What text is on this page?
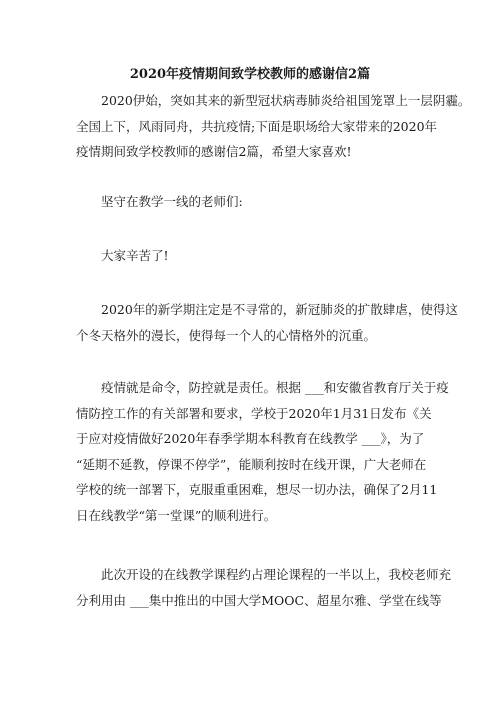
2020年疫情期间致学校教师的感谢信2篇
2020伊始，突如其来的新型冠状病毒肺炎给祖国笼罩上一层阴霾。
全国上下，风雨同舟，共抗疫情;下面是职场给大家带来的2020年
疫情期间致学校教师的感谢信2篇，希望大家喜欢!
坚守在教学一线的老师们:
大家辛苦了!
2020年的新学期注定是不寻常的，新冠肺炎的扩散肆虐，使得这
个冬天格外的漫长，使得每一个人的心情格外的沉重。
疫情就是命令，防控就是责任。根据 ___和安徽省教育厅关于疫
情防控工作的有关部署和要求，学校于2020年1月31日发布《关
于应对疫情做好2020年春季学期本科教育在线教学 ___》，为了
“延期不延教，停课不停学”，能顺利按时在线开课，广大老师在
学校的统一部署下，克服重重困难，想尽一切办法，确保了2月11
日在线教学“第一堂课”的顺利进行。
此次开设的在线教学课程约占理论课程的一半以上，我校老师充
分利用由 ___集中推出的中国大学MOOC、超星尔雅、学堂在线等
